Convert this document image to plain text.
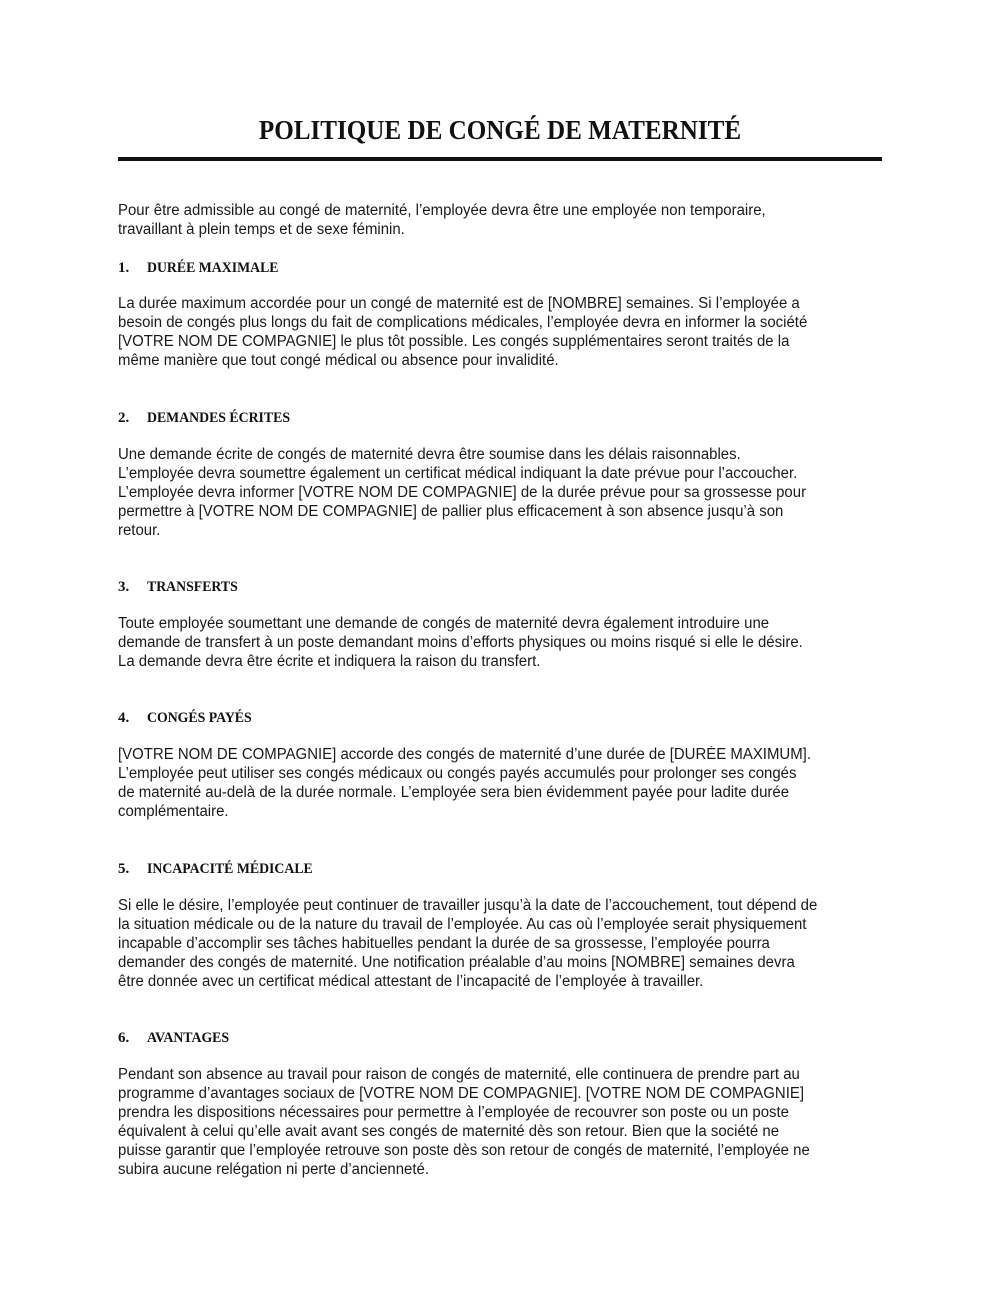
POLITIQUE DE CONGÉ DE MATERNITÉ
Pour être admissible au congé de maternité, l’employée devra être une employée non temporaire,
travaillant à plein temps et de sexe féminin.
1. DURÉE MAXIMALE
La durée maximum accordée pour un congé de maternité est de [NOMBRE] semaines. Si l’employée a
besoin de congés plus longs du fait de complications médicales, l’employée devra en informer la société
[VOTRE NOM DE COMPAGNIE] le plus tôt possible. Les congés supplémentaires seront traités de la
même manière que tout congé médical ou absence pour invalidité.
2. DEMANDES ÉCRITES
Une demande écrite de congés de maternité devra être soumise dans les délais raisonnables.
L’employée devra soumettre également un certificat médical indiquant la date prévue pour l’accoucher.
L’employée devra informer [VOTRE NOM DE COMPAGNIE] de la durée prévue pour sa grossesse pour
permettre à [VOTRE NOM DE COMPAGNIE] de pallier plus efficacement à son absence jusqu’à son
retour.
3. TRANSFERTS
Toute employée soumettant une demande de congés de maternité devra également introduire une
demande de transfert à un poste demandant moins d’efforts physiques ou moins risqué si elle le désire.
La demande devra être écrite et indiquera la raison du transfert.
4. CONGÉS PAYÉS
[VOTRE NOM DE COMPAGNIE] accorde des congés de maternité d’une durée de [DURÉE MAXIMUM].
L’employée peut utiliser ses congés médicaux ou congés payés accumulés pour prolonger ses congés
de maternité au-delà de la durée normale. L’employée sera bien évidemment payée pour ladite durée
complémentaire.
5. INCAPACITÉ MÉDICALE
Si elle le désire, l’employée peut continuer de travailler jusqu’à la date de l’accouchement, tout dépend de
la situation médicale ou de la nature du travail de l’employée. Au cas où l’employée serait physiquement
incapable d’accomplir ses tâches habituelles pendant la durée de sa grossesse, l’employée pourra
demander des congés de maternité. Une notification préalable d’au moins [NOMBRE] semaines devra
être donnée avec un certificat médical attestant de l’incapacité de l’employée à travailler.
6. AVANTAGES
Pendant son absence au travail pour raison de congés de maternité, elle continuera de prendre part au
programme d’avantages sociaux de [VOTRE NOM DE COMPAGNIE]. [VOTRE NOM DE COMPAGNIE]
prendra les dispositions nécessaires pour permettre à l’employée de recouvrer son poste ou un poste
équivalent à celui qu’elle avait avant ses congés de maternité dès son retour. Bien que la société ne
puisse garantir que l’employée retrouve son poste dès son retour de congés de maternité, l’employée ne
subira aucune relégation ni perte d’ancienneté.
